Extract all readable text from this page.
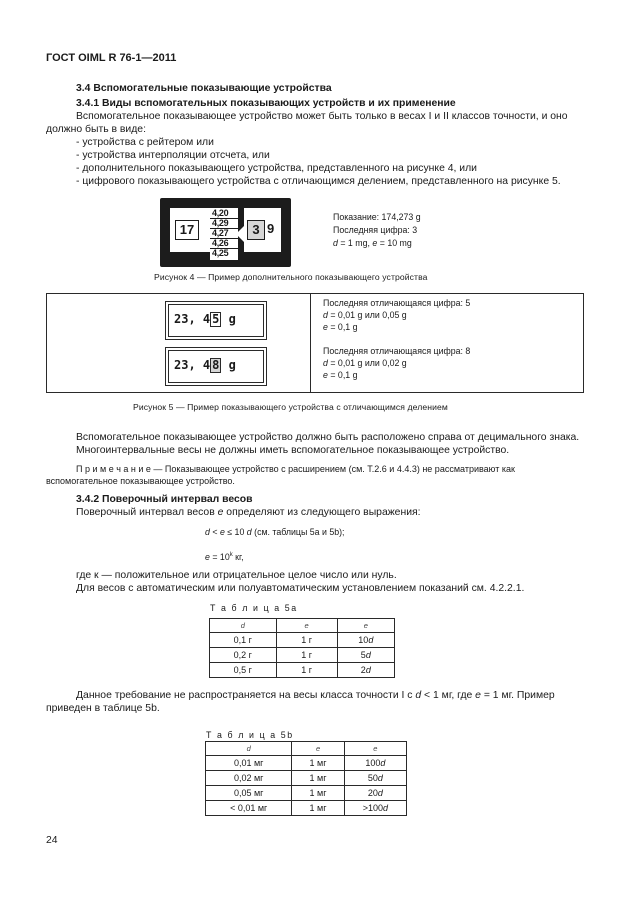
ГОСТ OIML R 76-1—2011
3.4 Вспомогательные показывающие устройства
3.4.1 Виды вспомогательных показывающих устройств и их применение
Вспомогательное показывающее устройство может быть только в весах I и II классов точности, и оно
должно быть в виде:
- устройства с рейтером или
- устройства интерполяции отсчета, или
- дополнительного показывающего устройства, представленного на рисунке 4, или
- цифрового показывающего устройства с отличающимся делением, представленного на рисунке 5.
17
4,20
4,29
4,27
4,26
4,25
3 9
Показание: 174,273 g
Последняя цифра: 3
d = 1 mg, e = 10 mg
Рисунок 4 — Пример дополнительного показывающего устройства
23, 4 5 g
23, 4 8 g
Последняя отличающаяся цифра: 5
d = 0,01 g или 0,05 g
e = 0,1 g
Последняя отличающаяся цифра: 8
d = 0,01 g или 0,02 g
e = 0,1 g
Рисунок 5 — Пример показывающего устройства с отличающимся делением
Вспомогательное показывающее устройство должно быть расположено справа от децимального знака.
Многоинтервальные весы не должны иметь вспомогательное показывающее устройство.
П р и м е ч а н и е — Показывающее устройство с расширением (см. Т.2.6 и 4.4.3) не рассматривают как
вспомогательное показывающее устройство.
3.4.2 Поверочный интервал весов
Поверочный интервал весов e определяют из следующего выражения:
d < e ≤ 10 d (см. таблицы 5а и 5b);
$e = 10^k$ кг,
где к — положительное или отрицательное целое число или нуль.
Для весов с автоматическим или полуавтоматическим установлением показаний см. 4.2.2.1.
Т а б л и ц а 5а
d	e	e
0,1 г	1 г	10d
0,2 г	1 г	5d
0,5 г	1 г	2d
Данное требование не распространяется на весы класса точности I с d < 1 мг, где e = 1 мг. Пример
приведен в таблице 5b.
Т а б л и ц а 5b
d	e	e
0,01 мг	1 мг	100d
0,02 мг	1 мг	50d
0,05 мг	1 мг	20d
< 0,01 мг	1 мг	>100d
24
